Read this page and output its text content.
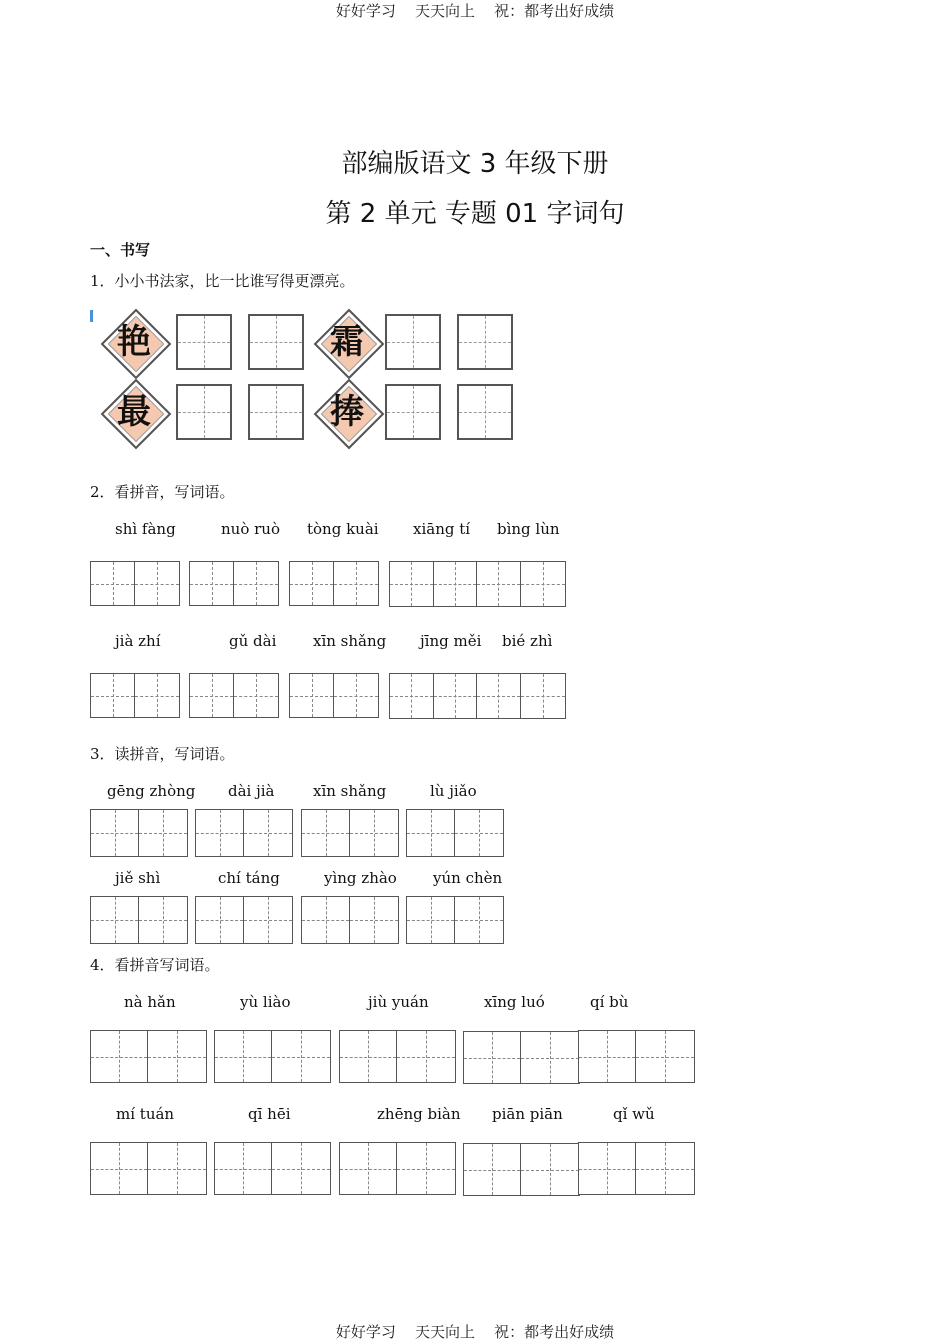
好好学习    天天向上    祝：都考出好成绩
好好学习    天天向上    祝：都考出好成绩
部编版语文 3 年级下册
第 2 单元 专题 01 字词句
一、书写
1．小小书法家，比一比谁写得更漂亮。
艳	霜
最	捧
2．看拼音，写词语。
shì fàng	nuò ruò tòng kuài xiāng tí bìng lùn
jià zhí	gǔ dài xīn shǎng jīng měi bié zhì
3．读拼音，写词语。
gēng zhòng dài jià	xīn shǎng	lù jiǎo
jiě shì	chí táng	yìng zhào yún chèn
4．看拼音写词语。
nà hǎn	yù liào	jiù yuán	xīng luó	qí bù
mí tuán	qī hēi	zhēng biàn piān piān	qǐ wǔ
